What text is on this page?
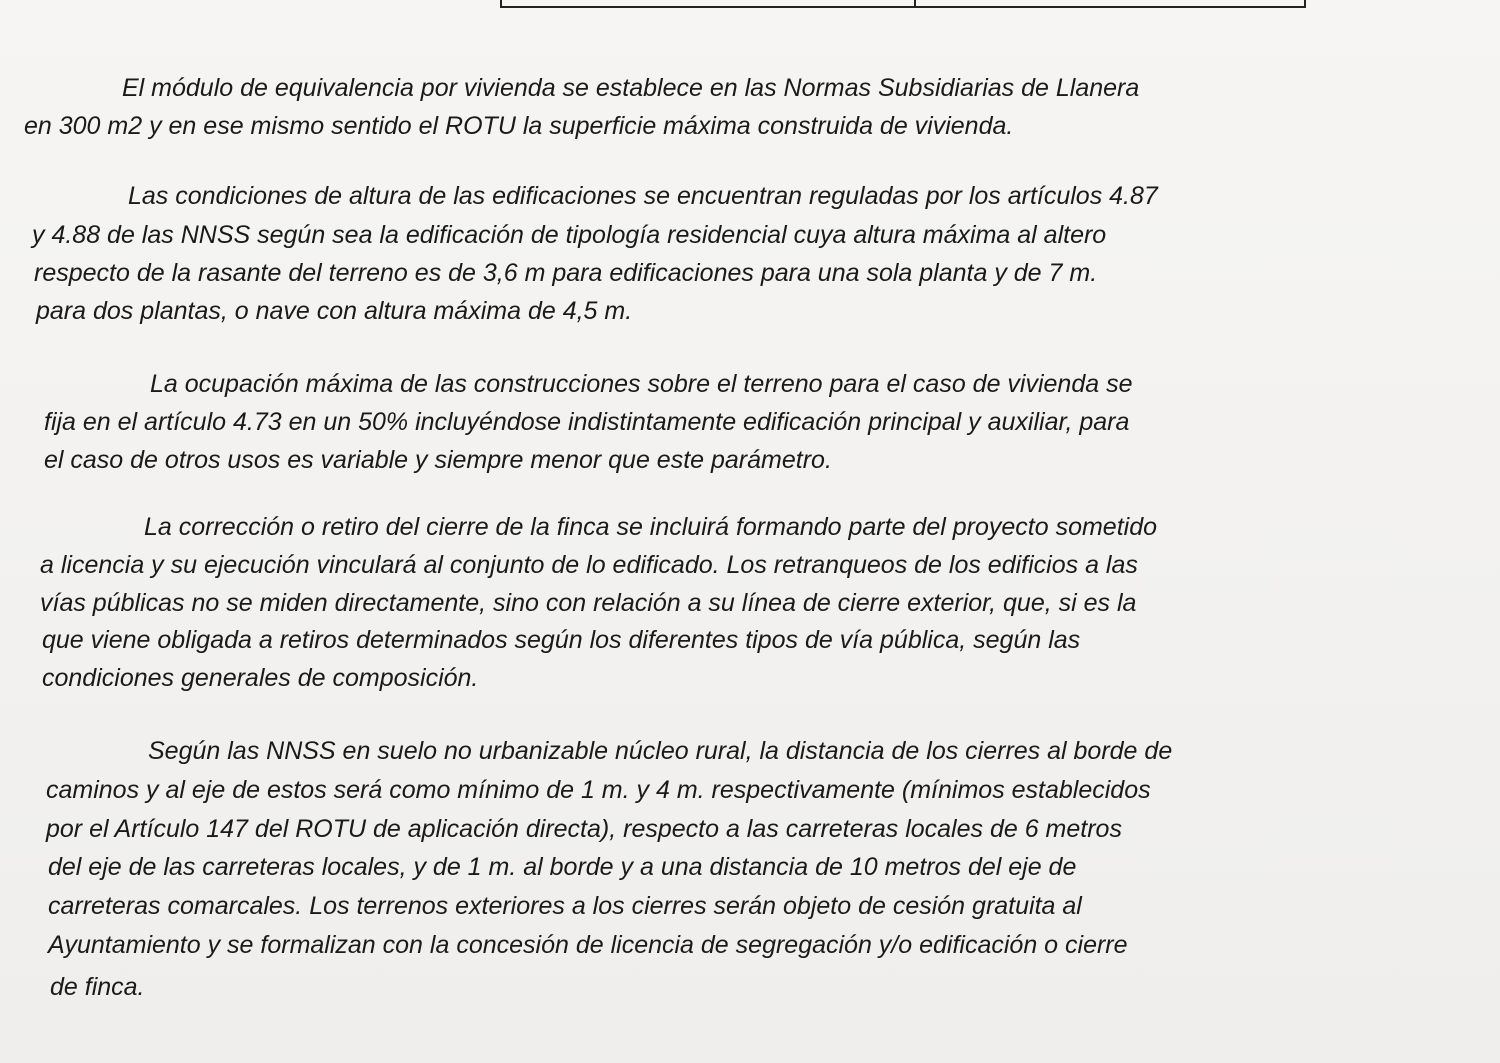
El módulo de equivalencia por vivienda se establece en las Normas Subsidiarias de Llanera
en 300 m2 y en ese mismo sentido el ROTU la superficie máxima construida de vivienda.
Las condiciones de altura de las edificaciones se encuentran reguladas por los artículos 4.87
y 4.88 de las NNSS según sea la edificación de tipología residencial cuya altura máxima al altero
respecto de la rasante del terreno es de 3,6 m para edificaciones para una sola planta y de 7 m.
para dos plantas, o nave con altura máxima de 4,5 m.
La ocupación máxima de las construcciones sobre el terreno para el caso de vivienda se
fija en el artículo 4.73 en un 50% incluyéndose indistintamente edificación principal y auxiliar, para
el caso de otros usos es variable y siempre menor que este parámetro.
La corrección o retiro del cierre de la finca se incluirá formando parte del proyecto sometido
a licencia y su ejecución vinculará al conjunto de lo edificado. Los retranqueos de los edificios a las
vías públicas no se miden directamente, sino con relación a su línea de cierre exterior, que, si es la
que viene obligada a retiros determinados según los diferentes tipos de vía pública, según las
condiciones generales de composición.
Según las NNSS en suelo no urbanizable núcleo rural, la distancia de los cierres al borde de
caminos y al eje de estos será como mínimo de 1 m. y 4 m. respectivamente (mínimos establecidos
por el Artículo 147 del ROTU de aplicación directa), respecto a las carreteras locales de 6 metros
del eje de las carreteras locales, y de 1 m. al borde y a una distancia de 10 metros del eje de
carreteras comarcales. Los terrenos exteriores a los cierres serán objeto de cesión gratuita al
Ayuntamiento y se formalizan con la concesión de licencia de segregación y/o edificación o cierre
de finca.
